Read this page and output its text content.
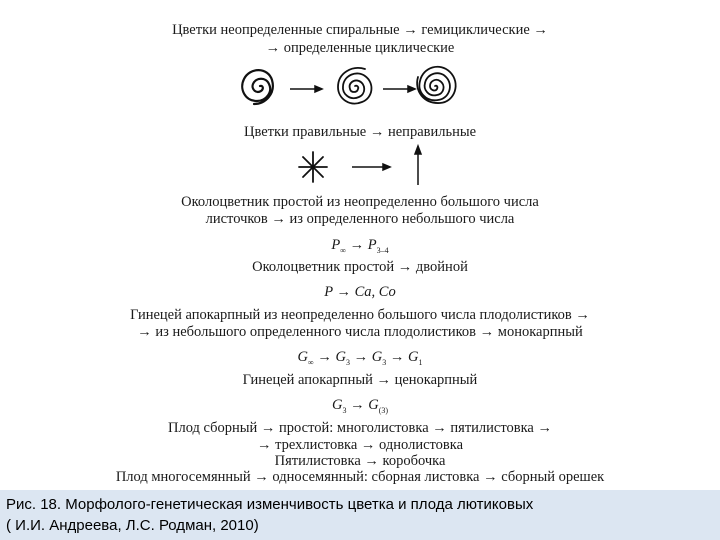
Цветки неопределенные спиральные → гемициклические →
→ определенные циклические
Цветки правильные → неправильные
Околоцветник простой из неопределенно большого числа
листочков → из определенного небольшого числа
$P_\infty \to P_{3-4}$
Околоцветник простой → двойной
P → Ca, Co
Гинецей апокарпный из неопределенно большого числа плодолистиков →
→ из небольшого определенного числа плодолистиков → монокарпный
$G_\infty \to G_3 \to G_3 \to G_1$
Гинецей апокарпный → ценокарпный
$G_3 \to G_{(3)}$
Плод сборный → простой: многолистовка → пятилистовка →
→ трехлистовка → однолистовка
Пятилистовка → коробочка
Плод многосемянный → односемянный: сборная листовка → сборный орешек
Рис. 18. Морфолого-генетическая изменчивость цветка и плода лютиковых
( И.И. Андреева, Л.С. Родман, 2010)
